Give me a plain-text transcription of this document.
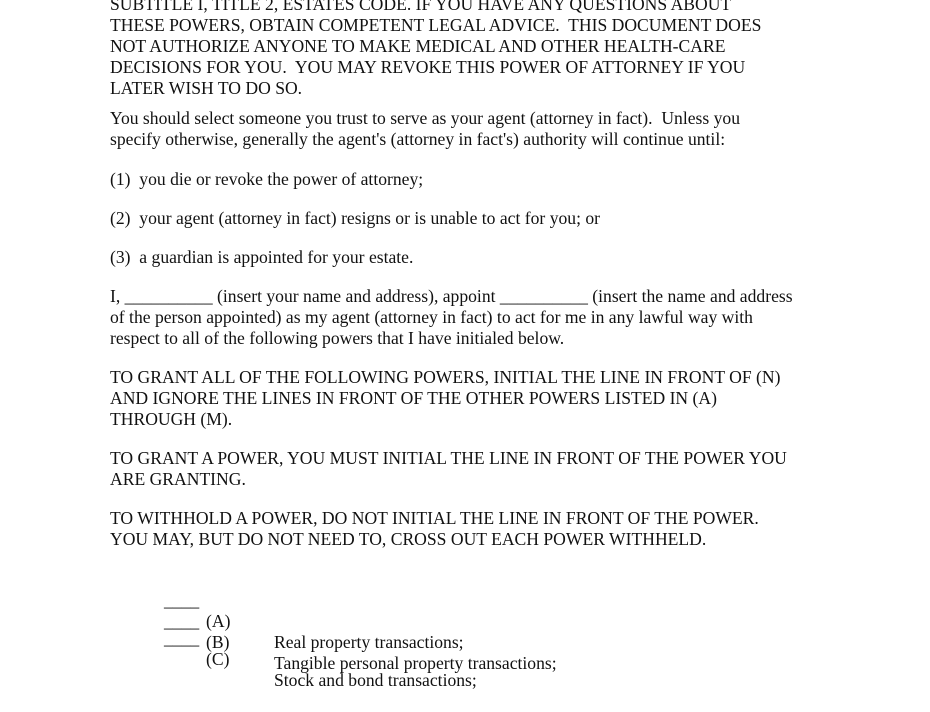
SUBTITLE I, TITLE 2, ESTATES CODE. IF YOU HAVE ANY QUESTIONS ABOUT
THESE POWERS, OBTAIN COMPETENT LEGAL ADVICE.  THIS DOCUMENT DOES
NOT AUTHORIZE ANYONE TO MAKE MEDICAL AND OTHER HEALTH-CARE
DECISIONS FOR YOU.  YOU MAY REVOKE THIS POWER OF ATTORNEY IF YOU
LATER WISH TO DO SO.
You should select someone you trust to serve as your agent (attorney in fact).  Unless you
specify otherwise, generally the agent's (attorney in fact's) authority will continue until:
(1)  you die or revoke the power of attorney;
(2)  your agent (attorney in fact) resigns or is unable to act for you; or
(3)  a guardian is appointed for your estate.
I, __________ (insert your name and address), appoint __________ (insert the name and address
of the person appointed) as my agent (attorney in fact) to act for me in any lawful way with
respect to all of the following powers that I have initialed below.
TO GRANT ALL OF THE FOLLOWING POWERS, INITIAL THE LINE IN FRONT OF (N)
AND IGNORE THE LINES IN FRONT OF THE OTHER POWERS LISTED IN (A)
THROUGH (M).
TO GRANT A POWER, YOU MUST INITIAL THE LINE IN FRONT OF THE POWER YOU
ARE GRANTING.
TO WITHHOLD A POWER, DO NOT INITIAL THE LINE IN FRONT OF THE POWER.
YOU MAY, BUT DO NOT NEED TO, CROSS OUT EACH POWER WITHHELD.

____

(A)

Real property transactions;

____

(B)

Tangible personal property transactions;

____

(C)

Stock and bond transactions;
